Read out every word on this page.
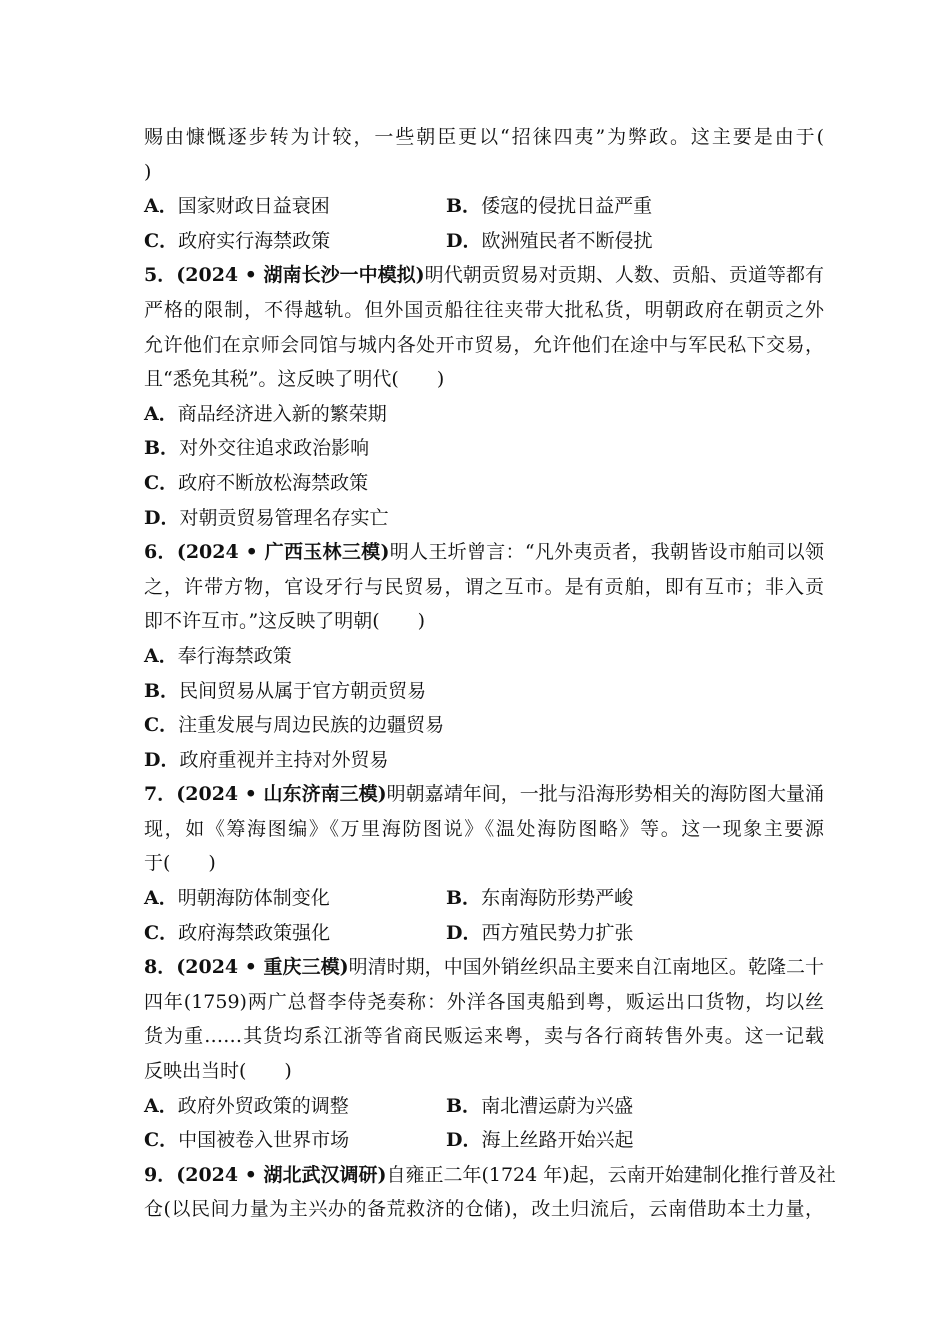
赐由慷慨逐步转为计较，一些朝臣更以“招徕四夷”为弊政。这主要是由于(
)
A．国家财政日益衰困	B．倭寇的侵扰日益严重
C．政府实行海禁政策	D．欧洲殖民者不断侵扰
5．(2024 • 湖南长沙一中模拟)明代朝贡贸易对贡期、人数、贡船、贡道等都有
严格的限制，不得越轨。但外国贡船往往夹带大批私货，明朝政府在朝贡之外
允许他们在京师会同馆与城内各处开市贸易，允许他们在途中与军民私下交易，
且“悉免其税”。这反映了明代(　　)
A．商品经济进入新的繁荣期
B．对外交往追求政治影响
C．政府不断放松海禁政策
D．对朝贡贸易管理名存实亡
6．(2024 • 广西玉林三模)明人王圻曾言：“凡外夷贡者，我朝皆设市舶司以领
之，许带方物，官设牙行与民贸易，谓之互市。是有贡舶，即有互市；非入贡
即不许互市。”这反映了明朝(　　)
A．奉行海禁政策
B．民间贸易从属于官方朝贡贸易
C．注重发展与周边民族的边疆贸易
D．政府重视并主持对外贸易
7．(2024 • 山东济南三模)明朝嘉靖年间，一批与沿海形势相关的海防图大量涌
现，如《筹海图编》《万里海防图说》《温处海防图略》等。这一现象主要源
于(　　)
A．明朝海防体制变化	B．东南海防形势严峻
C．政府海禁政策强化	D．西方殖民势力扩张
8．(2024 • 重庆三模)明清时期，中国外销丝织品主要来自江南地区。乾隆二十
四年(1759)两广总督李侍尧奏称：外洋各国夷船到粤，贩运出口货物，均以丝
货为重……其货均系江浙等省商民贩运来粤，卖与各行商转售外夷。这一记载
反映出当时(　　)
A．政府外贸政策的调整	B．南北漕运蔚为兴盛
C．中国被卷入世界市场	D．海上丝路开始兴起
9．(2024 • 湖北武汉调研)自雍正二年(1724 年)起，云南开始建制化推行普及社
仓(以民间力量为主兴办的备荒救济的仓储)，改土归流后，云南借助本土力量，
